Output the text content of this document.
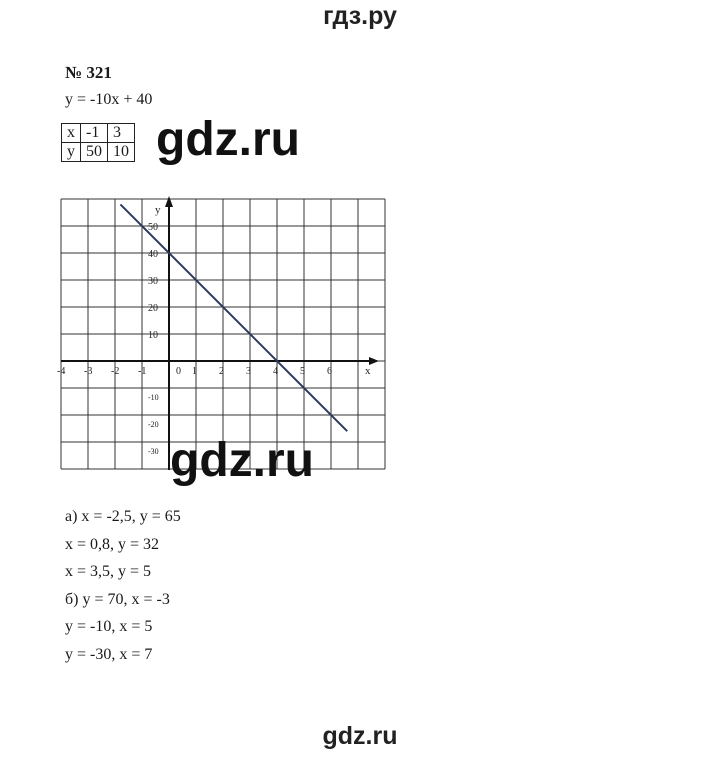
гдз.ру
№ 321
y = -10x + 40
x	-1	3
y	50	10
x
y
-4 -3 -2 -1	0 1 2 3 4 5 6
50
40
30
20
10
-10
-20
-30
gdz.ru
gdz.ru
а) x = -2,5, y = 65
x = 0,8, y = 32
x = 3,5, y = 5
б) y = 70, x = -3
y = -10, x = 5
y = -30, x = 7
gdz.ru
